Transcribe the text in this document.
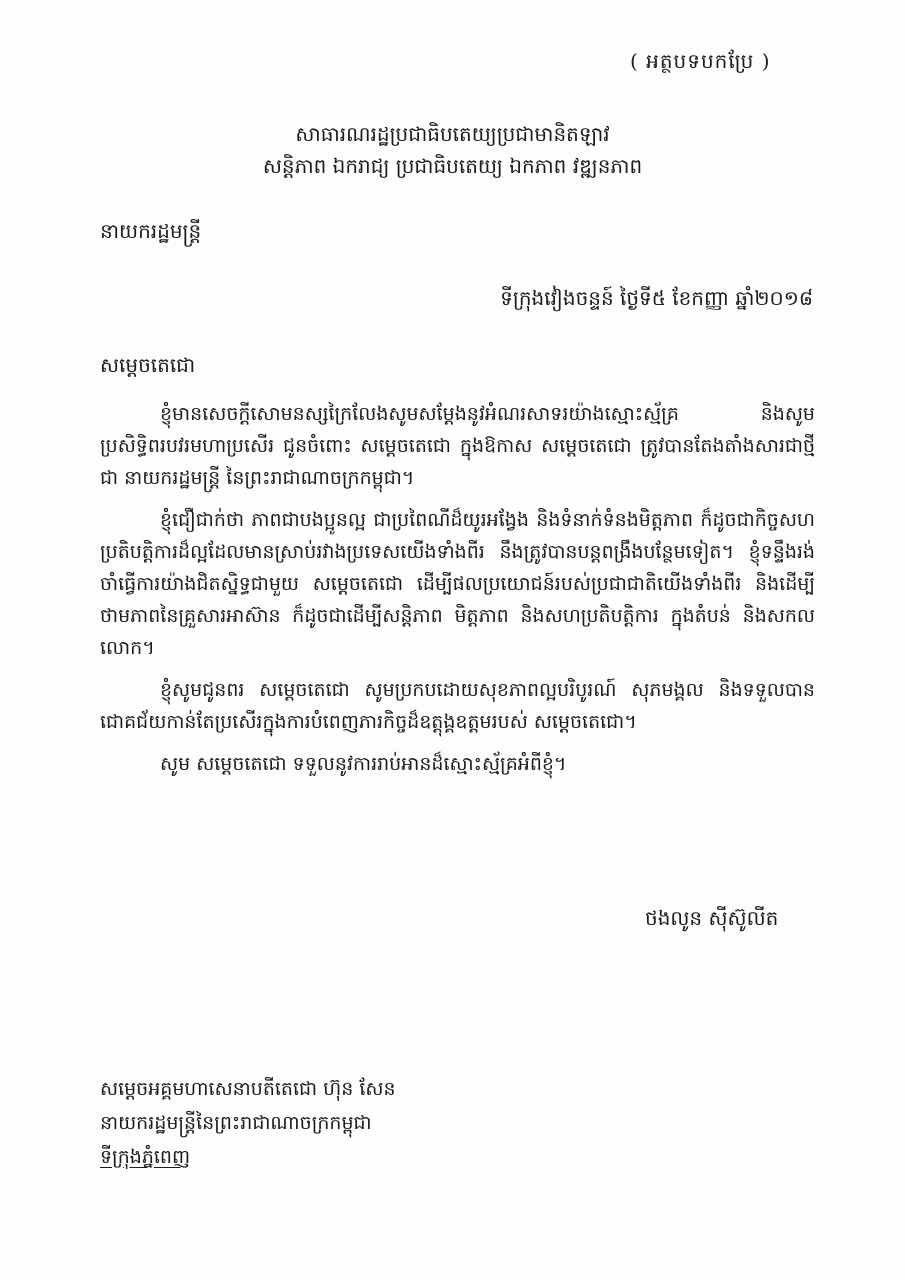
( អត្ថបទបកប្រែ )
សាធារណរដ្ឋប្រជាធិបតេយ្យប្រជាមានិតឡាវ
សន្តិភាព ឯករាជ្យ ប្រជាធិបតេយ្យ ឯកភាព វឌ្ឍនភាព
នាយករដ្ឋមន្ត្រី
ទីក្រុងវៀងចន្ទន៍ ថ្ងៃទី៥ ខែកញ្ញា ឆ្នាំ២០១៨
សម្តេចតេជោ

ខ្ញុំមានសេចក្តីសោមនស្សក្រៃលែងសូមសម្តែងនូវអំណរសាទរយ៉ាងស្មោះស្ម័គ្រ និងសូមប្រសិទ្ធិពរបវរមហាប្រសើរ ជូនចំពោះ សម្តេចតេជោ ក្នុងឱកាស សម្តេចតេជោ ត្រូវបានតែងតាំងសារជាថ្មី ជា នាយករដ្ឋមន្ត្រី នៃព្រះរាជាណាចក្រកម្ពុជា។

ខ្ញុំជឿជាក់ថា ភាពជាបងប្អូនល្អ ជាប្រពៃណីដ៏យូរអង្វែង និងទំនាក់ទំនងមិត្តភាព ក៏ដូចជាកិច្ចសហប្រតិបត្តិការដ៏ល្អដែលមានស្រាប់រវាងប្រទេសយើងទាំងពីរ នឹងត្រូវបានបន្តពង្រឹងបន្ថែមទៀត។ ខ្ញុំទន្ទឹងរង់ចាំធ្វើការយ៉ាងជិតស្និទ្ធជាមួយ សម្តេចតេជោ ដើម្បីផលប្រយោជន៍របស់ប្រជាជាតិយើងទាំងពីរ និងដើម្បីថាមភាពនៃគ្រួសារអាស៊ាន ក៏ដូចជាដើម្បីសន្តិភាព មិត្តភាព និងសហប្រតិបត្តិការ ក្នុងតំបន់ និងសកលលោក។

ខ្ញុំសូមជូនពរ សម្តេចតេជោ សូមប្រកបដោយសុខភាពល្អបរិបូរណ៍ សុភមង្គល និងទទួលបានជោគជ័យកាន់តែប្រសើរក្នុងការបំពេញភារកិច្ចដ៏ឧត្តុង្គឧត្តមរបស់ សម្តេចតេជោ។

សូម សម្តេចតេជោ ទទួលនូវការរាប់អានដ៏ស្មោះស្ម័គ្រអំពីខ្ញុំ។

ថងលូន ស៊ីស៊ូលីត
សម្តេចអគ្គមហាសេនាបតីតេជោ ហ៊ុន សែន
នាយករដ្ឋមន្ត្រីនៃព្រះរាជាណាចក្រកម្ពុជា
ទីក្រុងភ្នំពេញ
